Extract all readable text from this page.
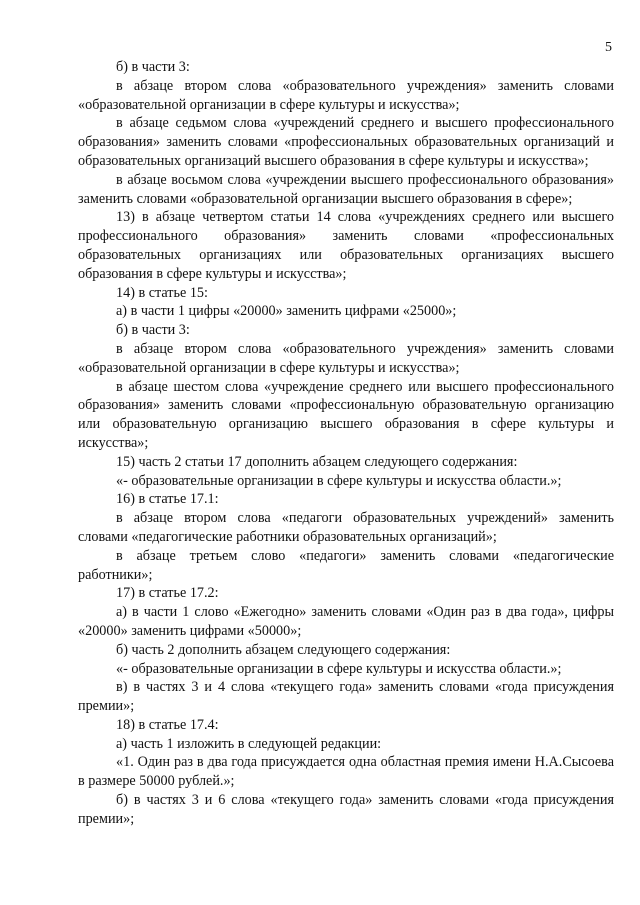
5

б) в части 3:

в абзаце втором слова «образовательного учреждения» заменить словами «образовательной организации в сфере культуры и искусства»;

в абзаце седьмом слова «учреждений среднего и высшего профессионального образования» заменить словами «профессиональных образовательных организаций и образовательных организаций высшего образования в сфере культуры и искусства»;

в абзаце восьмом слова «учреждении высшего профессионального образования» заменить словами «образовательной организации высшего образования в сфере»;

13) в абзаце четвертом статьи 14 слова «учреждениях среднего или высшего профессионального образования» заменить словами «профессиональных образовательных организациях или образовательных организациях высшего образования в сфере культуры и искусства»;

14) в статье 15:

а) в части 1 цифры «20000» заменить цифрами «25000»;

б) в части 3:

в абзаце втором слова «образовательного учреждения» заменить словами «образовательной организации в сфере культуры и искусства»;

в абзаце шестом слова «учреждение среднего или высшего профессионального образования» заменить словами «профессиональную образовательную организацию или образовательную организацию высшего образования в сфере культуры и искусства»;

15) часть 2 статьи 17 дополнить абзацем следующего содержания:

«- образовательные организации в сфере культуры и искусства области.»;

16) в статье 17.1:

в абзаце втором слова «педагоги образовательных учреждений» заменить словами «педагогические работники образовательных организаций»;

в абзаце третьем слово «педагоги» заменить словами «педагогические работники»;

17) в статье 17.2:

а) в части 1 слово «Ежегодно» заменить словами «Один раз в два года», цифры «20000» заменить цифрами «50000»;

б) часть 2 дополнить абзацем следующего содержания:

«- образовательные организации в сфере культуры и искусства области.»;

в) в частях 3 и 4 слова «текущего года» заменить словами «года присуждения премии»;

18) в статье 17.4:

а) часть 1 изложить в следующей редакции:

«1. Один раз в два года присуждается одна областная премия имени Н.А.Сысоева в размере 50000 рублей.»;

б) в частях 3 и 6 слова «текущего года» заменить словами «года присуждения премии»;
